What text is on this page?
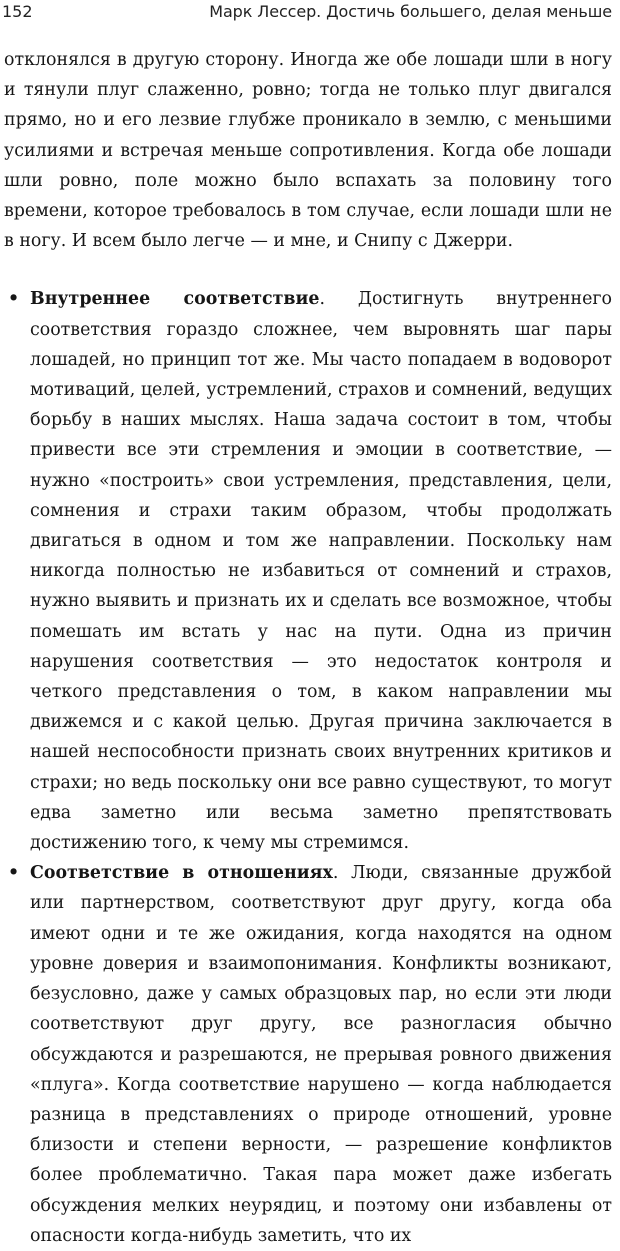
152	Марк Лессер. Достичь большего, делая меньше

отклонялся в другую сторону. Иногда же обе лошади шли в ногу и тянули плуг слаженно, ровно; тогда не только плуг двигался прямо, но и его лезвие глубже проникало в землю, с меньшими усилиями и встречая меньше сопротивления. Когда обе лошади шли ровно, поле можно было вспахать за половину того времени, которое требовалось в том случае, если лошади шли не в ногу. И всем было легче — и мне, и Снипу с Джерри.

• Внутреннее соответствие. Достигнуть внутреннего соответствия гораздо сложнее, чем выровнять шаг пары лошадей, но принцип тот же. Мы часто попадаем в водоворот мотиваций, целей, устремлений, страхов и сомнений, ведущих борьбу в наших мыслях. Наша задача состоит в том, чтобы привести все эти стремления и эмоции в соответствие, — нужно «построить» свои устремления, представления, цели, сомнения и страхи таким образом, чтобы продолжать двигаться в одном и том же направлении. Поскольку нам никогда полностью не избавиться от сомнений и страхов, нужно выявить и признать их и сделать все возможное, чтобы помешать им встать у нас на пути. Одна из причин нарушения соответствия — это недостаток контроля и четкого представления о том, в каком направлении мы движемся и с какой целью. Другая причина заключается в нашей неспособности признать своих внутренних критиков и страхи; но ведь поскольку они все равно существуют, то могут едва заметно или весьма заметно препятствовать достижению того, к чему мы стремимся.
• Соответствие в отношениях. Люди, связанные дружбой или партнерством, соответствуют друг другу, когда оба имеют одни и те же ожидания, когда находятся на одном уровне доверия и взаимопонимания. Конфликты возникают, безусловно, даже у самых образцовых пар, но если эти люди соответствуют друг другу, все разногласия обычно обсуждаются и разрешаются, не прерывая ровного движения «плуга». Когда соответствие нарушено — когда наблюдается разница в представлениях о природе отношений, уровне близости и степени верности, — разрешение конфликтов более проблематично. Такая пара может даже избегать обсуждения мелких неурядиц, и поэтому они избавлены от опасности когда-нибудь заметить, что их
